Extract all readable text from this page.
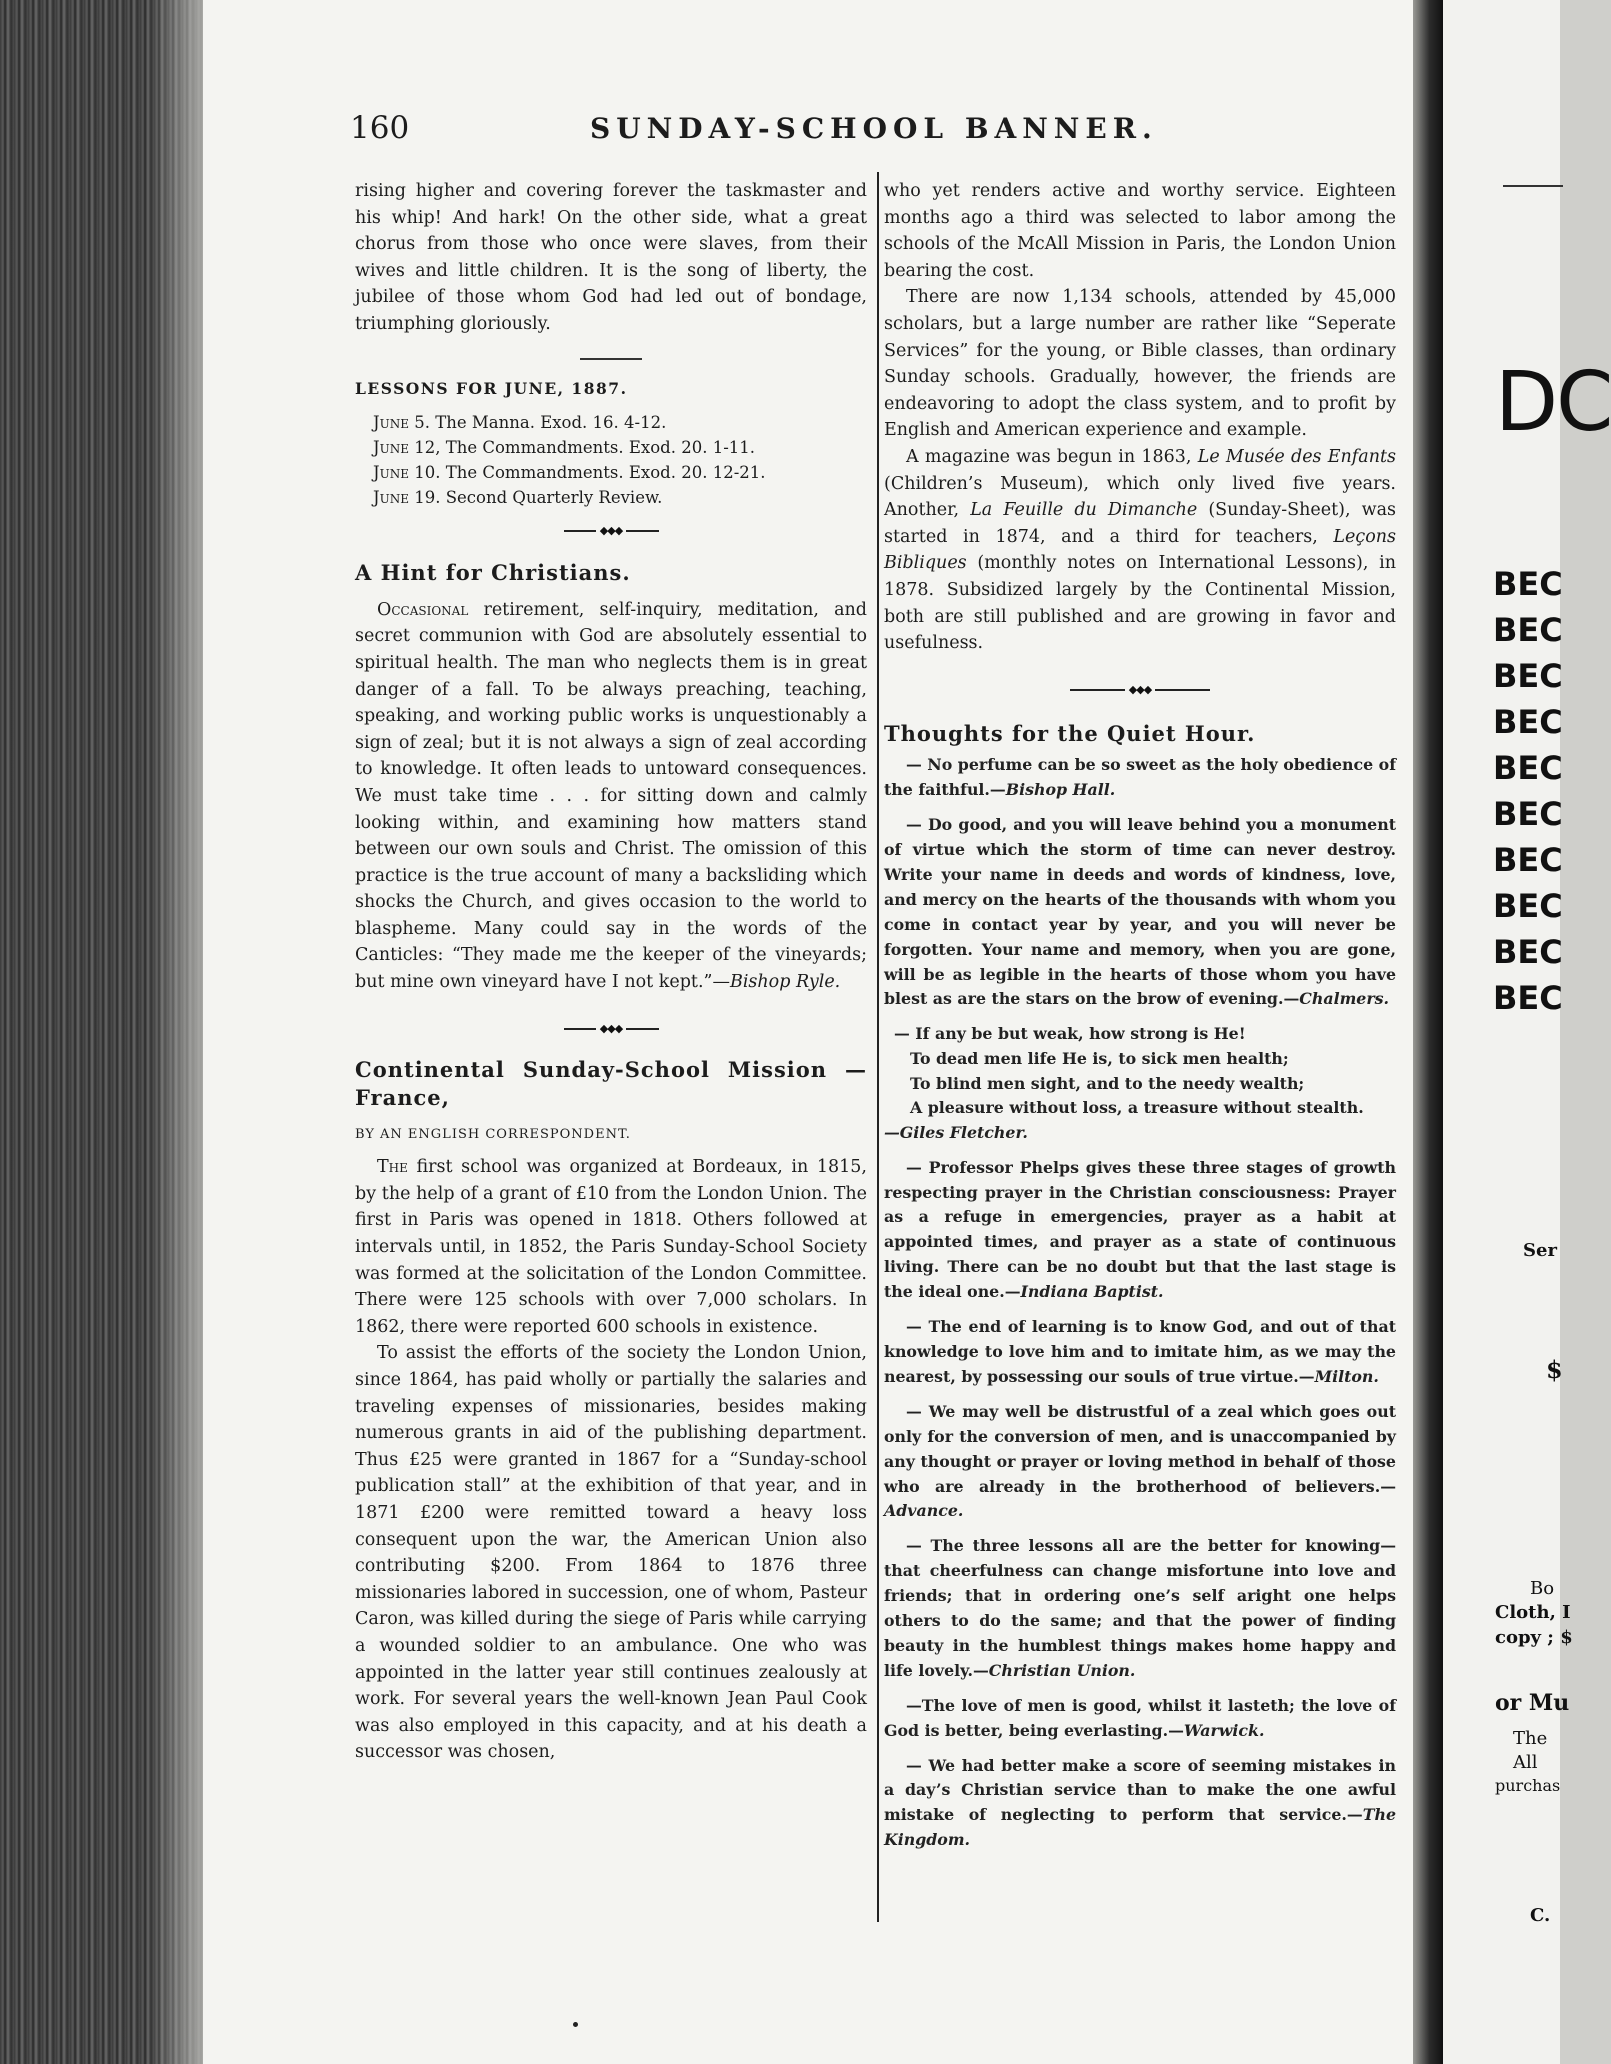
DC
BEC
BEC
BEC
BEC
BEC
BEC
BEC
BEC
BEC
BEC
Ser
$
Bo
Cloth, I
copy ; $
or Mu
The
All
purchas
C.
160	SUNDAY-SCHOOL BANNER.

rising higher and covering forever the taskmaster and his whip! And hark! On the other side, what a great chorus from those who once were slaves, from their wives and little children. It is the song of liberty, the jubilee of those whom God had led out of bondage, triumphing gloriously.

LESSONS FOR JUNE, 1887.

June 5. The Manna. Exod. 16. 4-12.

June 12, The Commandments. Exod. 20. 1-11.

June 10. The Commandments. Exod. 20. 12-21.

June 19. Second Quarterly Review.

◆◆◆

A Hint for Christians.

Occasional retirement, self-inquiry, meditation, and secret communion with God are absolutely essential to spiritual health. The man who neglects them is in great danger of a fall. To be always preaching, teaching, speaking, and working public works is unquestionably a sign of zeal; but it is not always a sign of zeal according to knowledge. It often leads to untoward consequences. We must take time . . . for sitting down and calmly looking within, and examining how matters stand between our own souls and Christ. The omission of this practice is the true account of many a backsliding which shocks the Church, and gives occasion to the world to blaspheme. Many could say in the words of the Canticles: “They made me the keeper of the vineyards; but mine own vineyard have I not kept.”—Bishop Ryle.

◆◆◆

Continental Sunday-School Mission —France,

BY AN ENGLISH CORRESPONDENT.

The first school was organized at Bordeaux, in 1815, by the help of a grant of £10 from the London Union. The first in Paris was opened in 1818. Others followed at intervals until, in 1852, the Paris Sunday-School Society was formed at the solicitation of the London Committee. There were 125 schools with over 7,000 scholars. In 1862, there were reported 600 schools in existence.

To assist the efforts of the society the London Union, since 1864, has paid wholly or partially the salaries and traveling expenses of missionaries, besides making numerous grants in aid of the publishing department. Thus £25 were granted in 1867 for a “Sunday-school publication stall” at the exhibition of that year, and in 1871 £200 were remitted toward a heavy loss consequent upon the war, the American Union also contributing $200. From 1864 to 1876 three missionaries labored in succession, one of whom, Pasteur Caron, was killed during the siege of Paris while carrying a wounded soldier to an ambulance. One who was appointed in the latter year still continues zealously at work. For several years the well-known Jean Paul Cook was also employed in this capacity, and at his death a successor was chosen,

who yet renders active and worthy service. Eighteen months ago a third was selected to labor among the schools of the McAll Mission in Paris, the London Union bearing the cost.

There are now 1,134 schools, attended by 45,000 scholars, but a large number are rather like “Seperate Services” for the young, or Bible classes, than ordinary Sunday schools. Gradually, however, the friends are endeavoring to adopt the class system, and to profit by English and American experience and example.

A magazine was begun in 1863, Le Musée des Enfants (Children’s Museum), which only lived five years. Another, La Feuille du Dimanche (Sunday-Sheet), was started in 1874, and a third for teachers, Leçons Bibliques (monthly notes on International Lessons), in 1878. Subsidized largely by the Continental Mission, both are still published and are growing in favor and usefulness.

◆◆◆

Thoughts for the Quiet Hour.

— No perfume can be so sweet as the holy obedience of the faithful.—Bishop Hall.

— Do good, and you will leave behind you a monument of virtue which the storm of time can never destroy. Write your name in deeds and words of kindness, love, and mercy on the hearts of the thousands with whom you come in contact year by year, and you will never be forgotten. Your name and memory, when you are gone, will be as legible in the hearts of those whom you have blest as are the stars on the brow of evening.—Chalmers.

— If any be but weak, how strong is He!

To dead men life He is, to sick men health;

To blind men sight, and to the needy wealth;

A pleasure without loss, a treasure without stealth.

—Giles Fletcher.

— Professor Phelps gives these three stages of growth respecting prayer in the Christian consciousness: Prayer as a refuge in emergencies, prayer as a habit at appointed times, and prayer as a state of continuous living. There can be no doubt but that the last stage is the ideal one.—Indiana Baptist.

— The end of learning is to know God, and out of that knowledge to love him and to imitate him, as we may the nearest, by possessing our souls of true virtue.—Milton.

— We may well be distrustful of a zeal which goes out only for the conversion of men, and is unaccompanied by any thought or prayer or loving method in behalf of those who are already in the brotherhood of believers.—Advance.

— The three lessons all are the better for knowing—that cheerfulness can change misfortune into love and friends; that in ordering one’s self aright one helps others to do the same; and that the power of finding beauty in the humblest things makes home happy and life lovely.—Christian Union.

—The love of men is good, whilst it lasteth; the love of God is better, being everlasting.—Warwick.

— We had better make a score of seeming mistakes in a day’s Christian service than to make the one awful mistake of neglecting to perform that service.—The Kingdom.
